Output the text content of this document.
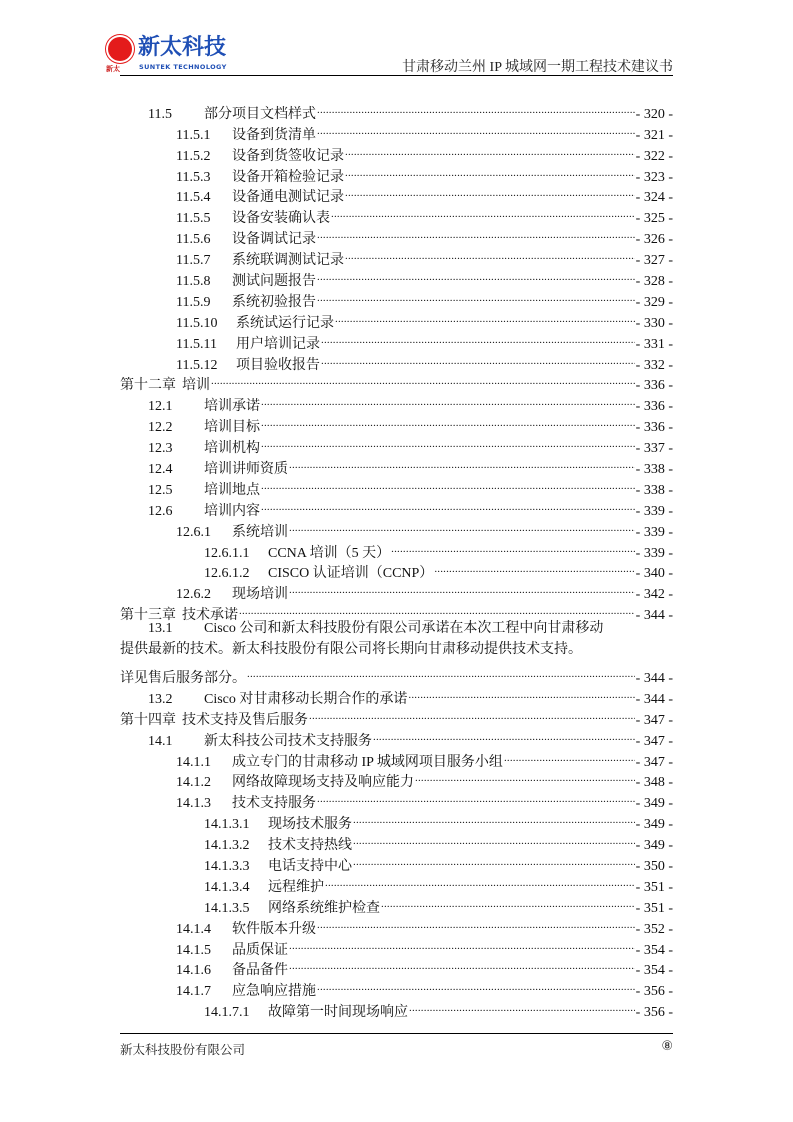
新太
新太科技
SUNTEK TECHNOLOGY	甘肃移动兰州 IP 城域网一期工程技术建议书
11.5	部分项目文档样式 .....	- 320 -
11.5.1	设备到货清单 .....	- 321 -
11.5.2	设备到货签收记录 .....	- 322 -
11.5.3	设备开箱检验记录 .....	- 323 -
11.5.4	设备通电测试记录 .....	- 324 -
11.5.5	设备安装确认表 .....	- 325 -
11.5.6	设备调试记录 .....	- 326 -
11.5.7	系统联调测试记录 .....	- 327 -
11.5.8	测试问题报告 .....	- 328 -
11.5.9	系统初验报告 .....	- 329 -
11.5.10	系统试运行记录 .....	- 330 -
11.5.11	用户培训记录 .....	- 331 -
11.5.12	项目验收报告 .....	- 332 -
第十二章 培训 .....	- 336 -
12.1	培训承诺 .....	- 336 -
12.2	培训目标 .....	- 336 -
12.3	培训机构 .....	- 337 -
12.4	培训讲师资质 .....	- 338 -
12.5	培训地点 .....	- 338 -
12.6	培训内容 .....	- 339 -
12.6.1	系统培训 .....	- 339 -
12.6.1.1	CCNA 培训（5 天） .....	- 339 -
12.6.1.2	CISCO 认证培训（CCNP） .....	- 340 -
12.6.2	现场培训 .....	- 342 -
第十三章 技术承诺 .....	- 344 -
13.1 Cisco 公司和新太科技股份有限公司承诺在本次工程中向甘肃移动
提供最新的技术。新太科技股份有限公司将长期向甘肃移动提供技术支持。
详见售后服务部分。 .....	- 344 -
13.2	Cisco 对甘肃移动长期合作的承诺 .....	- 344 -
第十四章 技术支持及售后服务 .....	- 347 -
14.1	新太科技公司技术支持服务 .....	- 347 -
14.1.1	成立专门的甘肃移动 IP 城域网项目服务小组 .....	- 347 -
14.1.2	网络故障现场支持及响应能力 .....	- 348 -
14.1.3	技术支持服务 .....	- 349 -
14.1.3.1	现场技术服务 .....	- 349 -
14.1.3.2	技术支持热线 .....	- 349 -
14.1.3.3	电话支持中心 .....	- 350 -
14.1.3.4	远程维护 .....	- 351 -
14.1.3.5	网络系统维护检查 .....	- 351 -
14.1.4	软件版本升级 .....	- 352 -
14.1.5	品质保证 .....	- 354 -
14.1.6	备品备件 .....	- 354 -
14.1.7	应急响应措施 .....	- 356 -
14.1.7.1	故障第一时间现场响应 .....	- 356 -
新太科技股份有限公司	⑧
